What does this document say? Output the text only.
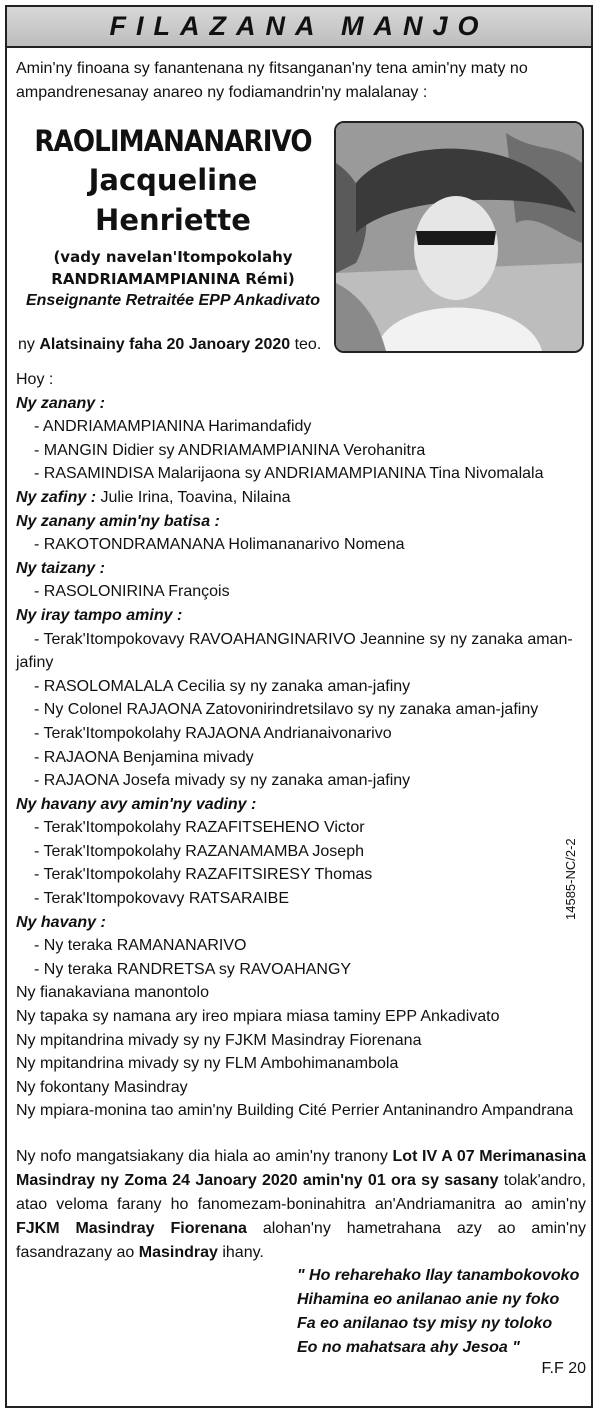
FILAZANA MANJO
Amin'ny finoana sy fanantenana ny fitsanganan'ny tena amin'ny maty no ampandrenesanay anareo ny fodiamandrin'ny malalanay :
RAOLIMANANARIVO
Jacqueline
Henriette
(vady navelan'Itompokolahy
RANDRIAMAMPIANINA Rémi)
Enseignante Retraitée EPP Ankadivato
ny Alatsinainy faha 20 Janoary 2020 teo.
Hoy :
Ny zanany :
- ANDRIAMAMPIANINA Harimandafidy
- MANGIN Didier sy ANDRIAMAMPIANINA Verohanitra
- RASAMINDISA Malarijaona sy ANDRIAMAMPIANINA Tina Nivomalala
Ny zafiny : Julie Irina, Toavina, Nilaina
Ny zanany amin'ny batisa :
- RAKOTONDRAMANANA Holimananarivo Nomena
Ny taizany :
- RASOLONIRINA François
Ny iray tampo aminy :
- Terak'Itompokovavy RAVOAHANGINARIVO Jeannine sy ny zanaka aman-
jafiny
- RASOLOMALALA Cecilia sy ny zanaka aman-jafiny
- Ny Colonel RAJAONA Zatovonirindretsilavo sy ny zanaka aman-jafiny
- Terak'Itompokolahy RAJAONA Andrianaivonarivo
- RAJAONA Benjamina mivady
- RAJAONA Josefa mivady sy ny zanaka aman-jafiny
Ny havany avy amin'ny vadiny :
- Terak'Itompokolahy RAZAFITSEHENO Victor
- Terak'Itompokolahy RAZANAMAMBA Joseph
- Terak'Itompokolahy RAZAFITSIRESY Thomas
- Terak'Itompokovavy RATSARAIBE
Ny havany :
- Ny teraka RAMANANARIVO
- Ny teraka RANDRETSA sy RAVOAHANGY
Ny fianakaviana manontolo
Ny tapaka sy namana ary ireo mpiara miasa taminy EPP Ankadivato
Ny mpitandrina mivady sy ny FJKM Masindray Fiorenana
Ny mpitandrina mivady sy ny FLM Ambohimanambola
Ny fokontany Masindray
Ny mpiara-monina tao amin'ny Building Cité Perrier Antaninandro Ampandrana
14585-NC/2-2
Ny nofo mangatsiakany dia hiala ao amin'ny tranony Lot IV A 07 Merimanasina Masindray ny Zoma 24 Janoary 2020 amin'ny 01 ora sy sasany tolak'andro, atao veloma farany ho fanomezam-boninahitra an'Andriamanitra ao amin'ny FJKM Masindray Fiorenana alohan'ny hametrahana azy ao amin'ny fasandrazany ao Masindray ihany.
" Ho reharehako Ilay tanambokovoko
Hihamina eo anilanao anie ny foko
Fa eo anilanao tsy misy ny toloko
Eo no mahatsara ahy Jesoa "
F.F 20
